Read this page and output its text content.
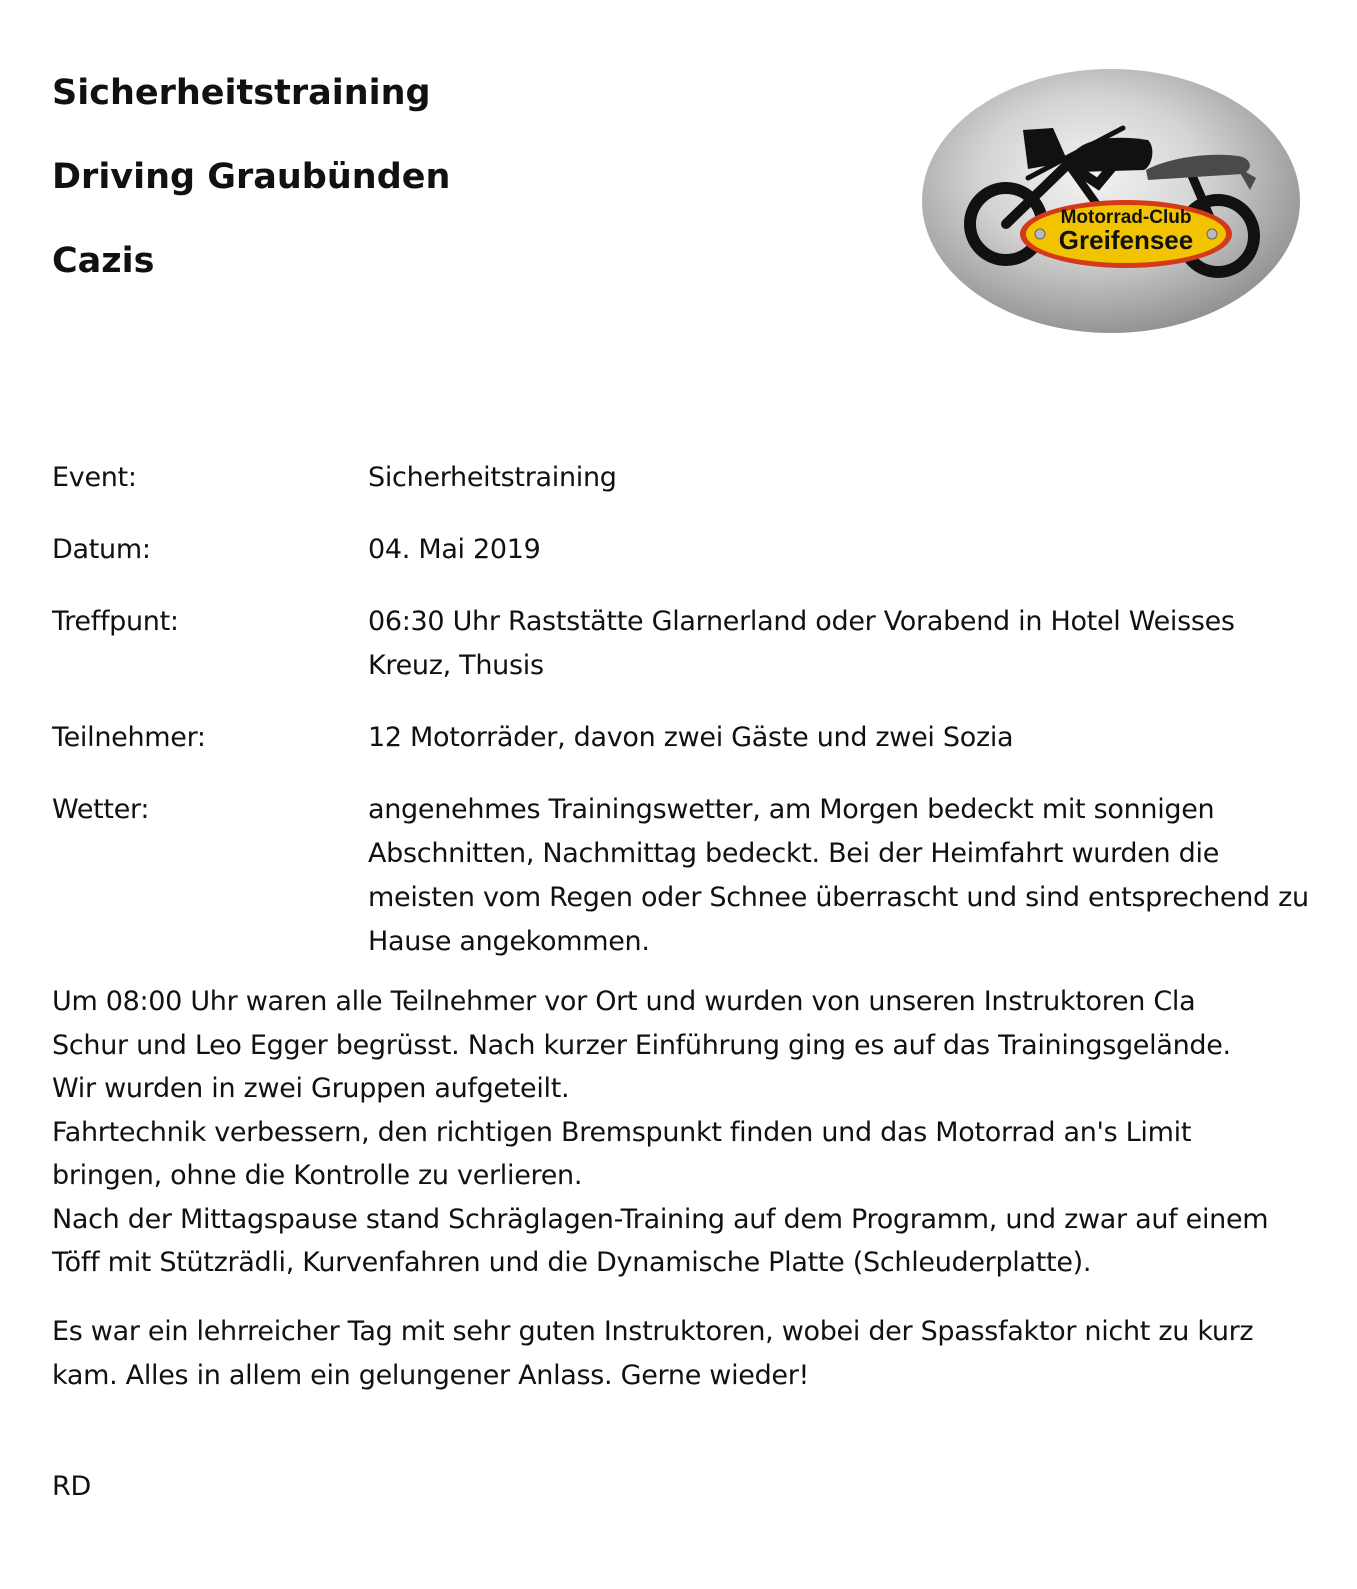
Sicherheitstraining
Driving Graubünden
Cazis
Motorrad-Club
Greifensee
Event:	Sicherheitstraining
Datum:	04. Mai 2019
Treffpunt:	06:30 Uhr Raststätte Glarnerland oder Vorabend in Hotel Weisses Kreuz, Thusis
Teilnehmer:	12 Motorräder, davon zwei Gäste und zwei Sozia
Wetter:	angenehmes Trainingswetter, am Morgen bedeckt mit sonnigen Abschnitten, Nachmittag bedeckt. Bei der Heimfahrt wurden die meisten vom Regen oder Schnee überrascht und sind entsprechend zu Hause angekommen.

Um 08:00 Uhr waren alle Teilnehmer vor Ort und wurden von unseren Instruktoren Cla
Schur und Leo Egger begrüsst. Nach kurzer Einführung ging es auf das Trainingsgelände.
Wir wurden in zwei Gruppen aufgeteilt.
Fahrtechnik verbessern, den richtigen Bremspunkt finden und das Motorrad an's Limit
bringen, ohne die Kontrolle zu verlieren.
Nach der Mittagspause stand Schräglagen-Training auf dem Programm, und zwar auf einem
Töff mit Stützrädli, Kurvenfahren und die Dynamische Platte (Schleuderplatte).

Es war ein lehrreicher Tag mit sehr guten Instruktoren, wobei der Spassfaktor nicht zu kurz
kam. Alles in allem ein gelungener Anlass. Gerne wieder!

RD
